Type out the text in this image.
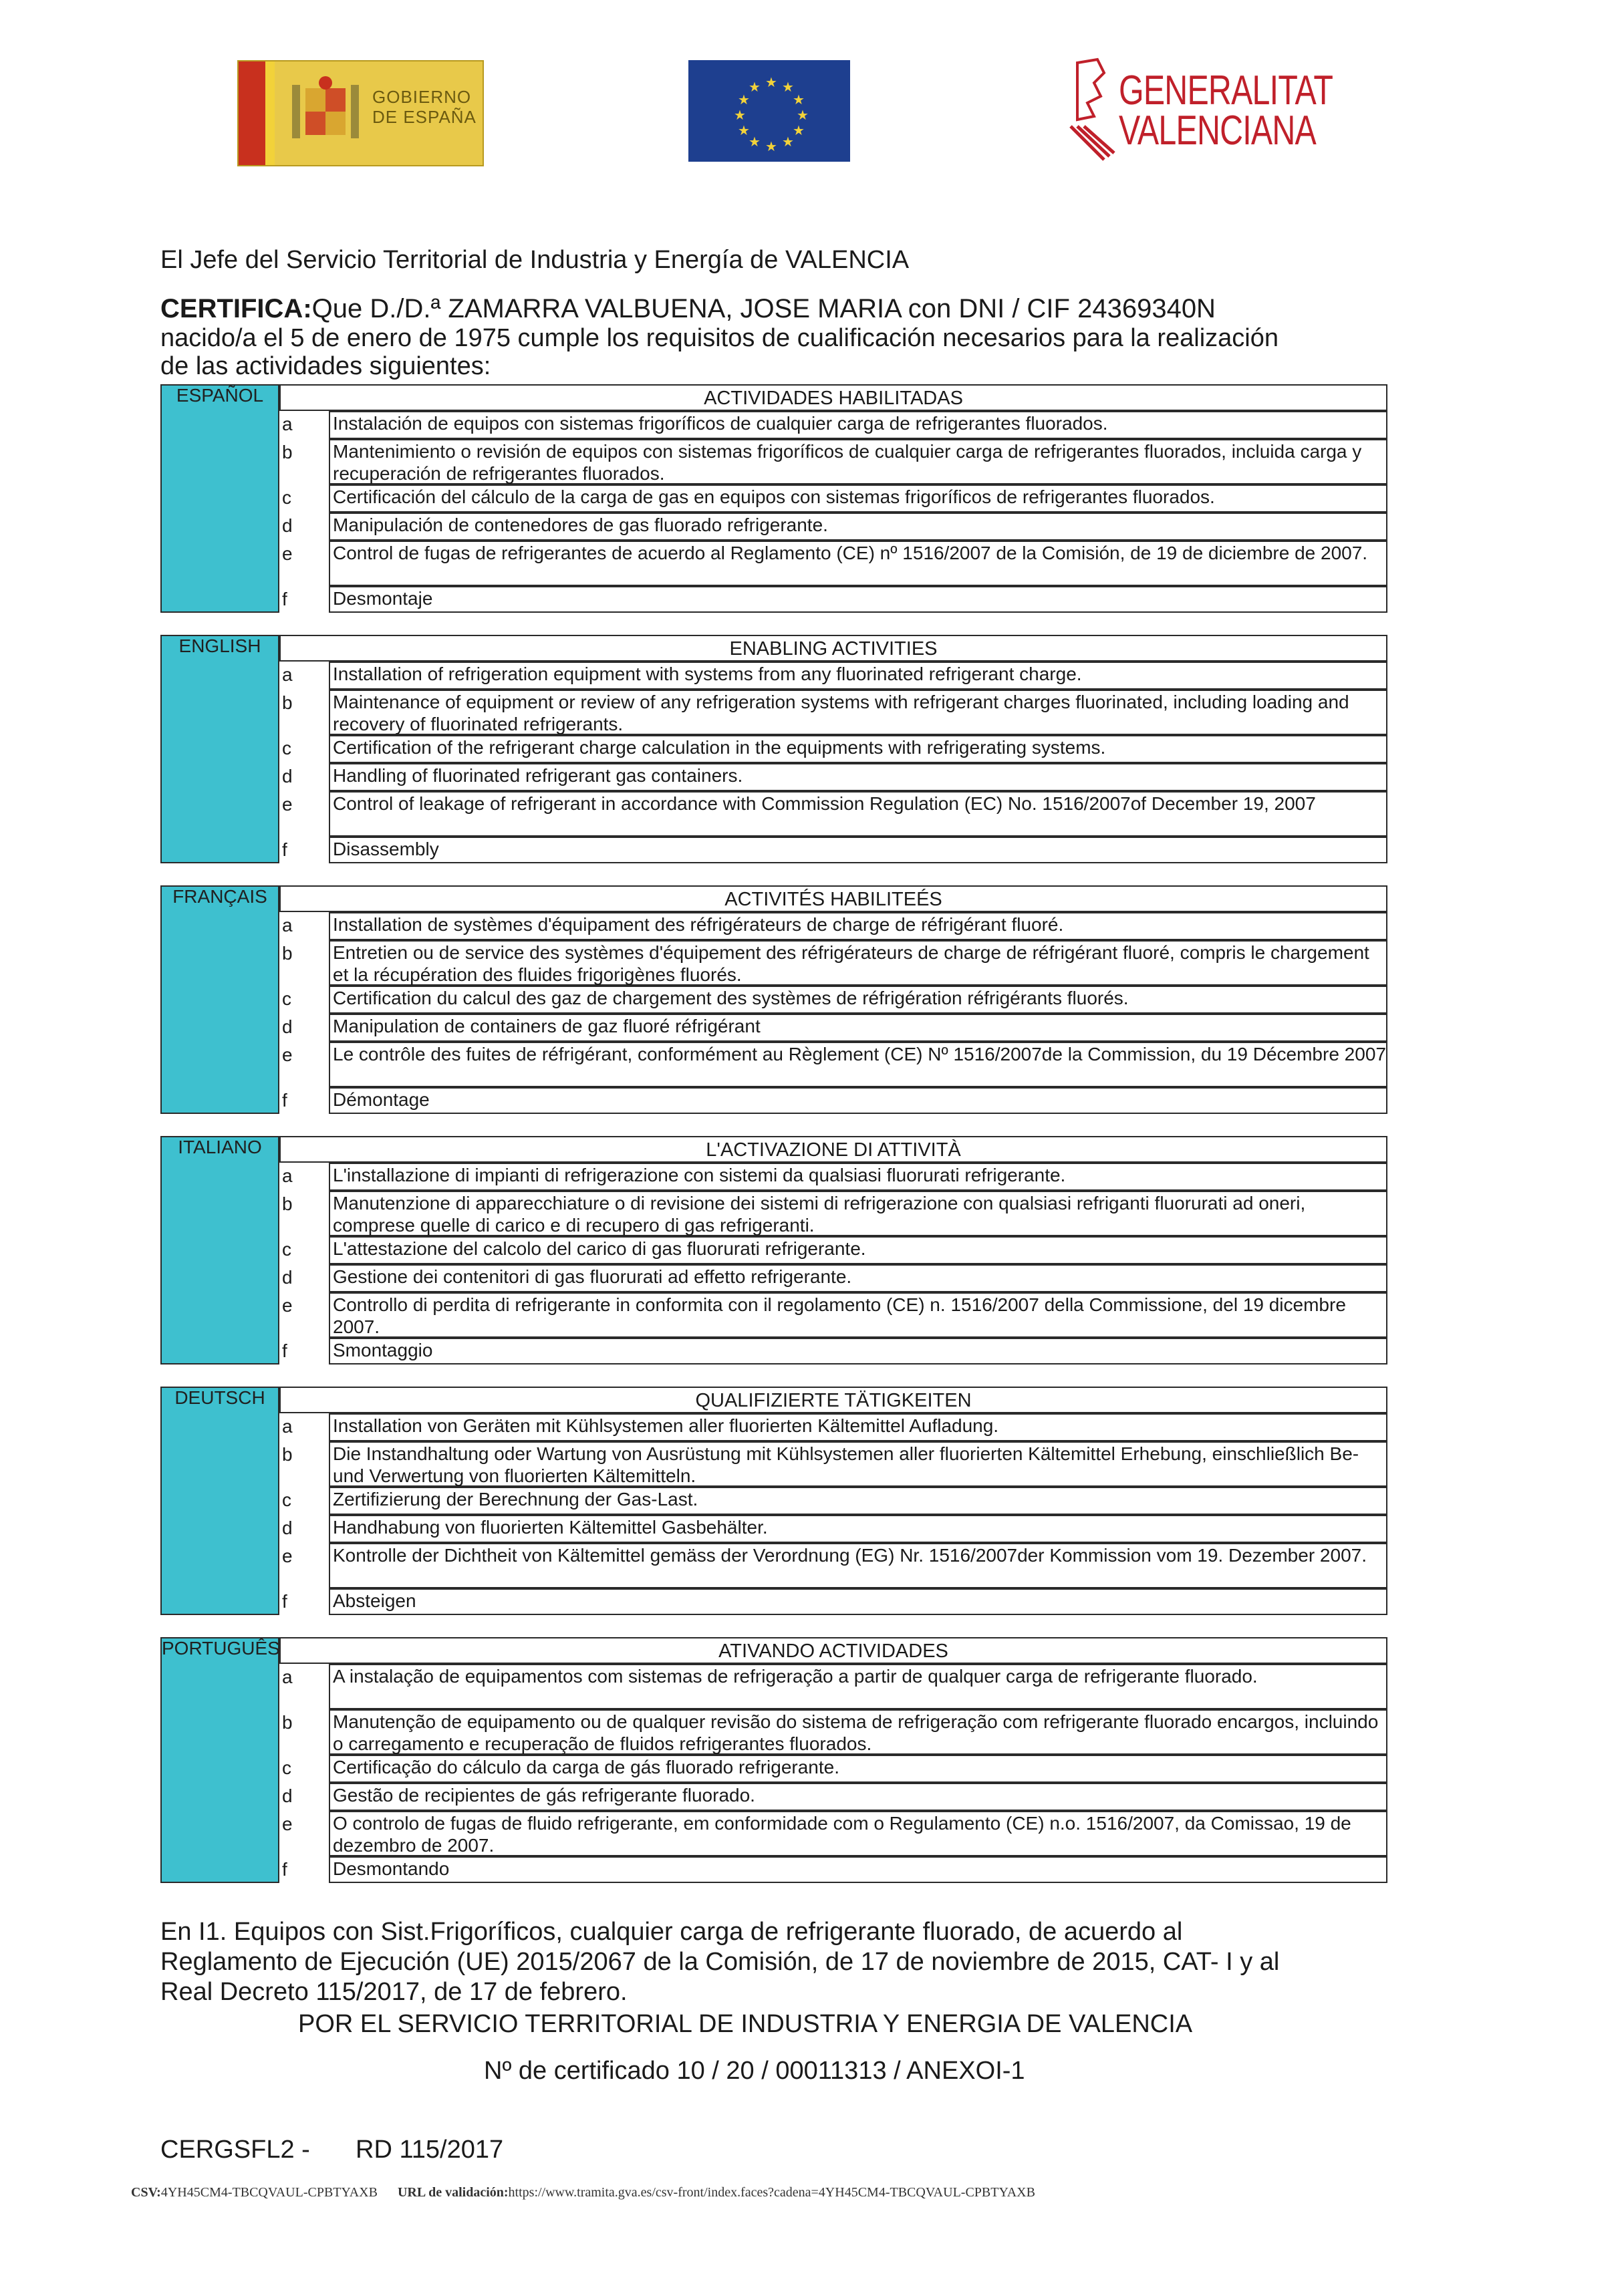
GOBIERNO
DE ESPAÑA
★ ★
★
★
★
★
★
★
★
★
★
★	GENERALITAT
VALENCIANA
El Jefe del Servicio Territorial de Industria y Energía de VALENCIA
CERTIFICA:Que D./D.ª ZAMARRA VALBUENA, JOSE MARIA con DNI / CIF 24369340N
nacido/a el 5 de enero de 1975 cumple los requisitos de cualificación necesarios para la realización
de las actividades siguientes:
ESPAÑOL	ACTIVIDADES HABILITADAS
a	Instalación de equipos con sistemas frigoríficos de cualquier carga de refrigerantes fluorados.
b	Mantenimiento o revisión de equipos con sistemas frigoríficos de cualquier carga de refrigerantes fluorados, incluida carga y recuperación de refrigerantes fluorados.
c	Certificación del cálculo de la carga de gas en equipos con sistemas frigoríficos de refrigerantes fluorados.
d	Manipulación de contenedores de gas fluorado refrigerante.
e	Control de fugas de refrigerantes de acuerdo al Reglamento (CE) nº 1516/2007 de la Comisión, de 19 de diciembre de 2007.
f	Desmontaje
ENGLISH	ENABLING ACTIVITIES
a	Installation of refrigeration equipment with systems from any fluorinated refrigerant charge.
b	Maintenance of equipment or review of any refrigeration systems with refrigerant charges fluorinated, including loading and recovery of fluorinated refrigerants.
c	Certification of the refrigerant charge calculation in the equipments with refrigerating systems.
d	Handling of fluorinated refrigerant gas containers.
e	Control of leakage of refrigerant in accordance with Commission Regulation (EC) No. 1516/2007of December 19, 2007
f	Disassembly
FRANÇAIS	ACTIVITÉS HABILITEÉS
a	Installation de systèmes d'équipament des réfrigérateurs de charge de réfrigérant fluoré.
b	Entretien ou de service des systèmes d'équipement des réfrigérateurs de charge de réfrigérant fluoré, compris le chargement et la récupération des fluides frigorigènes fluorés.
c	Certification du calcul des gaz de chargement des systèmes de réfrigération réfrigérants fluorés.
d	Manipulation de containers de gaz fluoré réfrigérant
e	Le contrôle des fuites de réfrigérant, conformément au Règlement (CE) Nº 1516/2007de la Commission, du 19 Décembre 2007
f	Démontage
ITALIANO	L'ACTIVAZIONE DI ATTIVITÀ
a	L'installazione di impianti di refrigerazione con sistemi da qualsiasi fluorurati refrigerante.
b	Manutenzione di apparecchiature o di revisione dei sistemi di refrigerazione con qualsiasi refriganti fluorurati ad oneri, comprese quelle di carico e di recupero di gas refrigeranti.
c	L'attestazione del calcolo del carico di gas fluorurati refrigerante.
d	Gestione dei contenitori di gas fluorurati ad effetto refrigerante.
e	Controllo di perdita di refrigerante in conformita con il regolamento (CE) n. 1516/2007 della Commissione, del 19 dicembre 2007.
f	Smontaggio
DEUTSCH	QUALIFIZIERTE TÄTIGKEITEN
a	Installation von Geräten mit Kühlsystemen aller fluorierten Kältemittel Aufladung.
b	Die Instandhaltung oder Wartung von Ausrüstung mit Kühlsystemen aller fluorierten Kältemittel Erhebung, einschließlich Be-und Verwertung von fluorierten Kältemitteln.
c	Zertifizierung der Berechnung der Gas-Last.
d	Handhabung von fluorierten Kältemittel Gasbehälter.
e	Kontrolle der Dichtheit von Kältemittel gemäss der Verordnung (EG) Nr. 1516/2007der Kommission vom 19. Dezember 2007.
f	Absteigen
PORTUGUÊS	ATIVANDO ACTIVIDADES
a	A instalação de equipamentos com sistemas de refrigeração a partir de qualquer carga de refrigerante fluorado.
b	Manutenção de equipamento ou de qualquer revisão do sistema de refrigeração com refrigerante fluorado encargos, incluindo o carregamento e recuperação de fluidos refrigerantes fluorados.
c	Certificação do cálculo da carga de gás fluorado refrigerante.
d	Gestão de recipientes de gás refrigerante fluorado.
e	O controlo de fugas de fluido refrigerante, em conformidade com o Regulamento (CE) n.o. 1516/2007, da Comissao, 19 de dezembro de 2007.
f	Desmontando
En I1. Equipos con Sist.Frigoríficos, cualquier carga de refrigerante fluorado, de acuerdo al
Reglamento de Ejecución (UE) 2015/2067 de la Comisión, de 17 de noviembre de 2015, CAT- I y al
Real Decreto 115/2017, de 17 de febrero.
POR EL SERVICIO TERRITORIAL DE INDUSTRIA Y ENERGIA DE VALENCIA
Nº de certificado 10 / 20 / 00011313 / ANEXOI-1
CERGSFL2 - RD 115/2017
CSV:4YH45CM4-TBCQVAUL-CPBTYAXB URL de validación:https://www.tramita.gva.es/csv-front/index.faces?cadena=4YH45CM4-TBCQVAUL-CPBTYAXB
